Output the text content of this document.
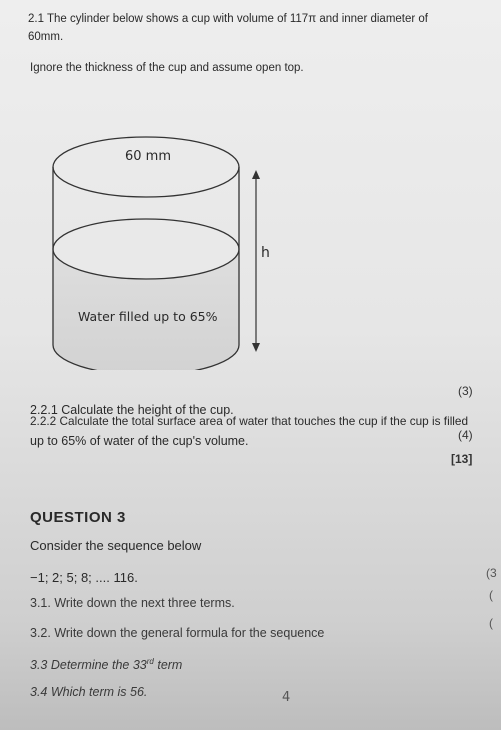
2.1 The cylinder below shows a cup with volume of 117π and inner diameter of
60mm.
Ignore the thickness of the cup and assume open top.
60 mm
h
Water filled up to 65%
(3)
2.2.1 Calculate the height of the cup.
2.2.2 Calculate the total surface area of water that touches the cup if the cup is filled
(4)
up to 65% of water of the cup's volume.
[13]
QUESTION 3
Consider the sequence below
−1; 2; 5; 8; .... 116.	(3
3.1. Write down the next three terms.
(
3.2. Write down the general formula for the sequence
(
3.3 Determine the 33rd term
3.4 Which term is 56.	4
